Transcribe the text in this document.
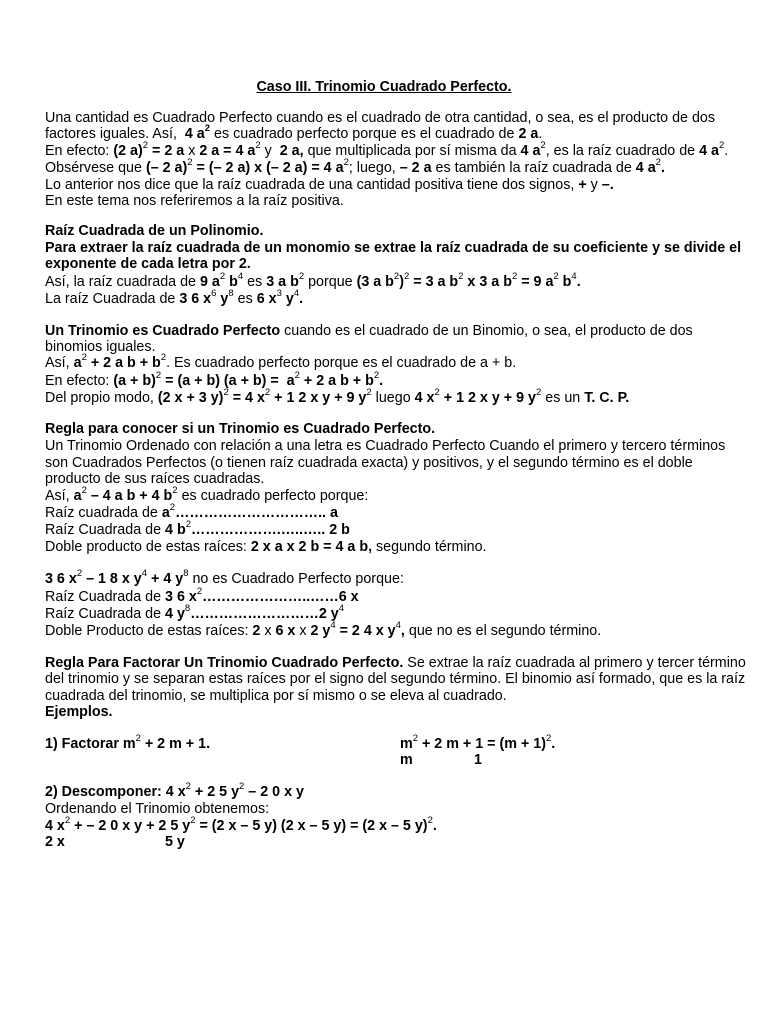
Caso III. Trinomio Cuadrado Perfecto.
Una cantidad es Cuadrado Perfecto cuando es el cuadrado de otra cantidad, o sea, es el producto de dos
factores iguales. Así,  4 $a^2$ es cuadrado perfecto porque es el cuadrado de 2 a.
En efecto: (2 a)$^2$ = 2 a x 2 a = 4 $a^2$ y  2 a, que multiplicada por sí misma da 4 $a^2$, es la raíz cuadrado de 4 $a^2$.
Obsérvese que (– 2 a)$^2$ = (– 2 a) x (– 2 a) = 4 $a^2$; luego, – 2 a es también la raíz cuadrada de 4 $a^2$.
Lo anterior nos dice que la raíz cuadrada de una cantidad positiva tiene dos signos, + y –.
En este tema nos referiremos a la raíz positiva.
Raíz Cuadrada de un Polinomio.
Para extraer la raíz cuadrada de un monomio se extrae la raíz cuadrada de su coeficiente y se divide el
exponente de cada letra por 2.
Así, la raíz cuadrada de 9 $a^2$ $b^4$ es 3 a $b^2$ porque (3 a $b^2)^2 = 3$ a $b^2$ x 3 a $b^2 = 9$ $a^2$ $b^4$.
La raíz Cuadrada de 3 6 $x^6$ $y^8$ es 6 $x^3$ $y^4$.
Un Trinomio es Cuadrado Perfecto cuando es el cuadrado de un Binomio, o sea, el producto de dos
binomios iguales.
Así, $a^2 + 2$ a $b + b^2$. Es cuadrado perfecto porque es el cuadrado de a + b.
En efecto: $(a + b)^2 = (a + b)$ $(a + b) = a^2 + 2$ a $b + b^2$.
Del propio modo, (2 x + 3 y)$^2$ = 4 $x^2 + 1$ 2 x y + 9 $y^2$ luego 4 $x^2 + 1$ 2 x y + 9 $y^2$ es un T. C. P.
Regla para conocer si un Trinomio es Cuadrado Perfecto.
Un Trinomio Ordenado con relación a una letra es Cuadrado Perfecto Cuando el primero y tercero términos
son Cuadrados Perfectos (o tienen raíz cuadrada exacta) y positivos, y el segundo término es el doble
producto de sus raíces cuadradas.
Así, $a^2 - 4$ a b + 4 $b^2$ es cuadrado perfecto porque:
Raíz cuadrada de $a^2\dots\dots\dots\dots\dots\dots\dots\dots\dots\dots$.. a
Raíz Cuadrada de 4 $b^2\dots\dots\dots\dots\dots\dots.\dots..\dots$.. 2 b
Doble producto de estas raíces: 2 x a x 2 b = 4 a b, segundo término.
3 6 $x^2 - 1$ 8 x $y^4 + 4$ $y^8$ no es Cuadrado Perfecto porque:
Raíz Cuadrada de 3 6 $x^2\dots\dots\dots\dots\dots\dots\dots..\dots\dots 6$ x
Raíz Cuadrada de 4 $y^8\dots\dots\dots\dots\dots\dots\dots\dots\dots 2$ $y^4$
Doble Producto de estas raíces: 2 x 6 x x 2 $y^4 = 2$ 4 x $y^4$, que no es el segundo término.
Regla Para Factorar Un Trinomio Cuadrado Perfecto. Se extrae la raíz cuadrada al primero y tercer término
del trinomio y se separan estas raíces por el signo del segundo término. El binomio así formado, que es la raíz
cuadrada del trinomio, se multiplica por sí mismo o se eleva al cuadrado.
Ejemplos.
1) Factorar $m^2 + 2$ m + 1.
2) Descomponer: 4 $x^2 + 2$ 5 $y^2 - 2$ 0 x y
Ordenando el Trinomio obtenemos:
4 $x^2$ + – 2 0 x y + 2 5 $y^2 = (2$ x – 5 y) (2 x – 5 y) = (2 x – 5 y)$^2$.
2 x
$m^2 + 2$ $m + 1 = (m + 1)^2$.
m	1
5 y
